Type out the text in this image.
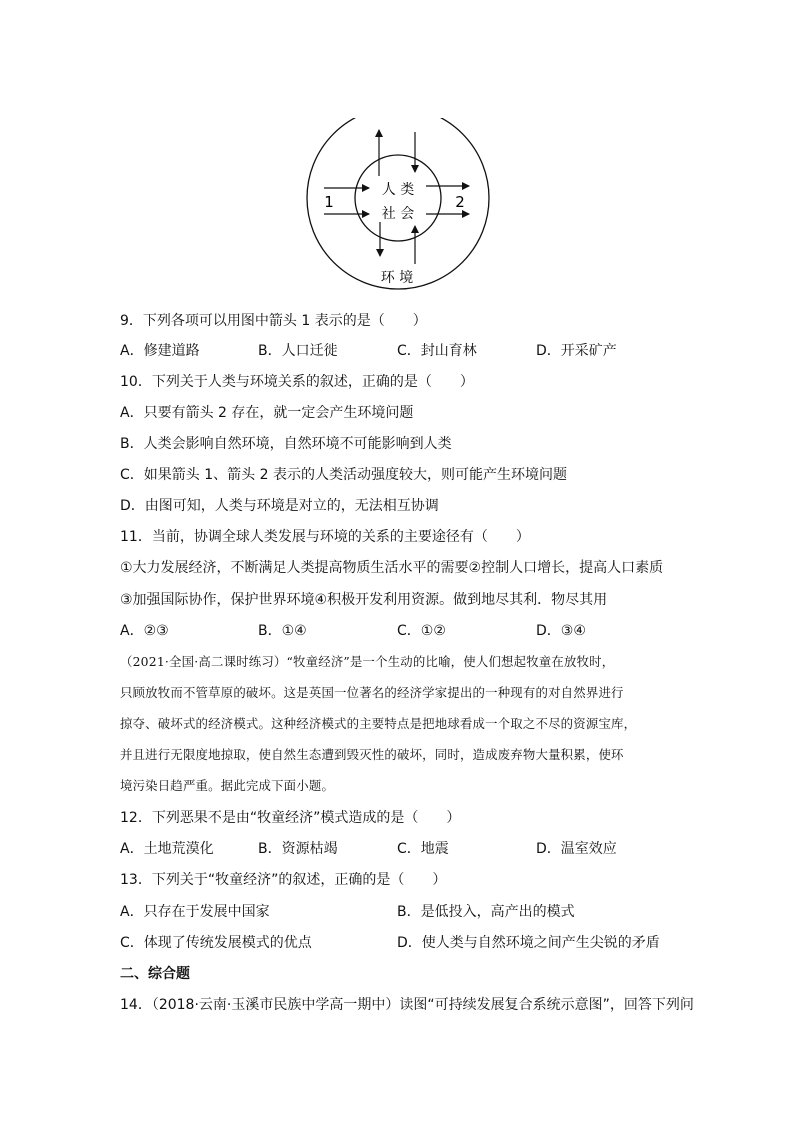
人 类
社 会
1	2
环 境
9．下列各项可以用图中箭头 1 表示的是（　　）
A．修建道路	B．人口迁徙	C．封山育林	D．开采矿产
10．下列关于人类与环境关系的叙述，正确的是（　　）
A．只要有箭头 2 存在，就一定会产生环境问题
B．人类会影响自然环境，自然环境不可能影响到人类
C．如果箭头 1、箭头 2 表示的人类活动强度较大，则可能产生环境问题
D．由图可知，人类与环境是对立的，无法相互协调
11．当前，协调全球人类发展与环境的关系的主要途径有（　　）
①大力发展经济，不断满足人类提高物质生活水平的需要②控制人口增长，提高人口素质
③加强国际协作，保护世界环境④积极开发利用资源。做到地尽其利．物尽其用
A．②③	B．①④	C．①②	D．③④
（2021·全国·高二课时练习）“牧童经济”是一个生动的比喻，使人们想起牧童在放牧时，
只顾放牧而不管草原的破坏。这是英国一位著名的经济学家提出的一种现有的对自然界进行
掠夺、破坏式的经济模式。这种经济模式的主要特点是把地球看成一个取之不尽的资源宝库，
并且进行无限度地掠取，使自然生态遭到毁灭性的破坏，同时，造成废弃物大量积累，使环
境污染日趋严重。据此完成下面小题。
12．下列恶果不是由“牧童经济”模式造成的是（　　）
A．土地荒漠化	B．资源枯竭	C．地震	D．温室效应
13．下列关于“牧童经济”的叙述，正确的是（　　）
A．只存在于发展中国家	B．是低投入，高产出的模式
C．体现了传统发展模式的优点	D．使人类与自然环境之间产生尖锐的矛盾
二、综合题
14．（2018·云南·玉溪市民族中学高一期中）读图“可持续发展复合系统示意图”，回答下列问
